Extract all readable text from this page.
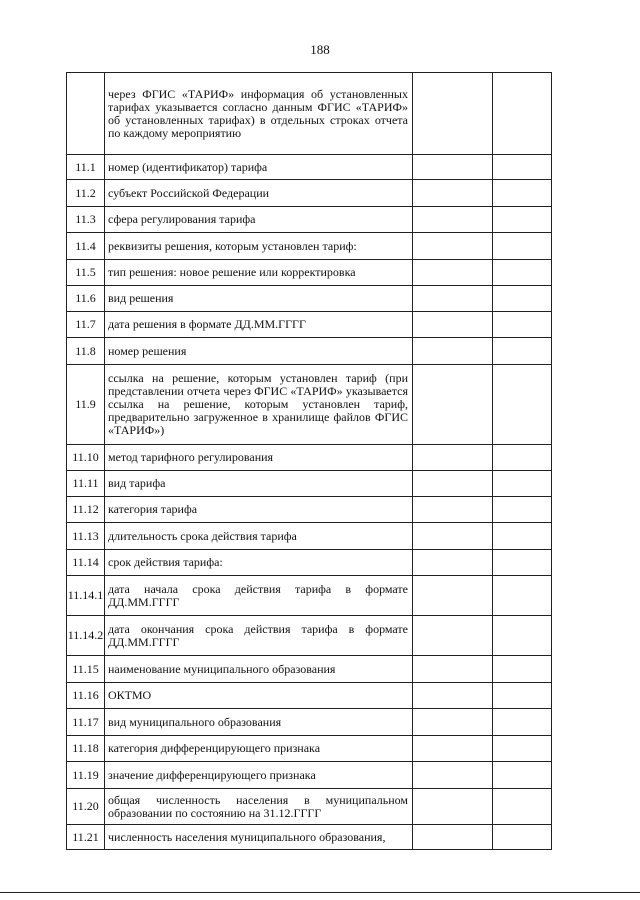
188
	через ФГИС «ТАРИФ» информация об установленных тарифах указывается согласно данным ФГИС «ТАРИФ» об установленных тарифах) в отдельных строках отчета по каждому мероприятию		
11.1	номер (идентификатор) тарифа		
11.2	субъект Российской Федерации		
11.3	сфера регулирования тарифа		
11.4	реквизиты решения, которым установлен тариф:		
11.5	тип решения: новое решение или корректировка		
11.6	вид решения		
11.7	дата решения в формате ДД.ММ.ГГГГ		
11.8	номер решения		
11.9	ссылка на решение, которым установлен тариф (при представлении отчета через ФГИС «ТАРИФ» указывается ссылка на решение, которым установлен тариф, предварительно загруженное в хранилище файлов ФГИС «ТАРИФ»)		
11.10	метод тарифного регулирования		
11.11	вид тарифа		
11.12	категория тарифа		
11.13	длительность срока действия тарифа		
11.14	срок действия тарифа:		
11.14.1	дата начала срока действия тарифа в формате ДД.ММ.ГГГГ		
11.14.2	дата окончания срока действия тарифа в формате ДД.ММ.ГГГГ		
11.15	наименование муниципального образования		
11.16	ОКТМО		
11.17	вид муниципального образования		
11.18	категория дифференцирующего признака		
11.19	значение дифференцирующего признака		
11.20	общая численность населения в муниципальном образовании по состоянию на 31.12.ГГГГ		
11.21	численность населения муниципального образования,		
